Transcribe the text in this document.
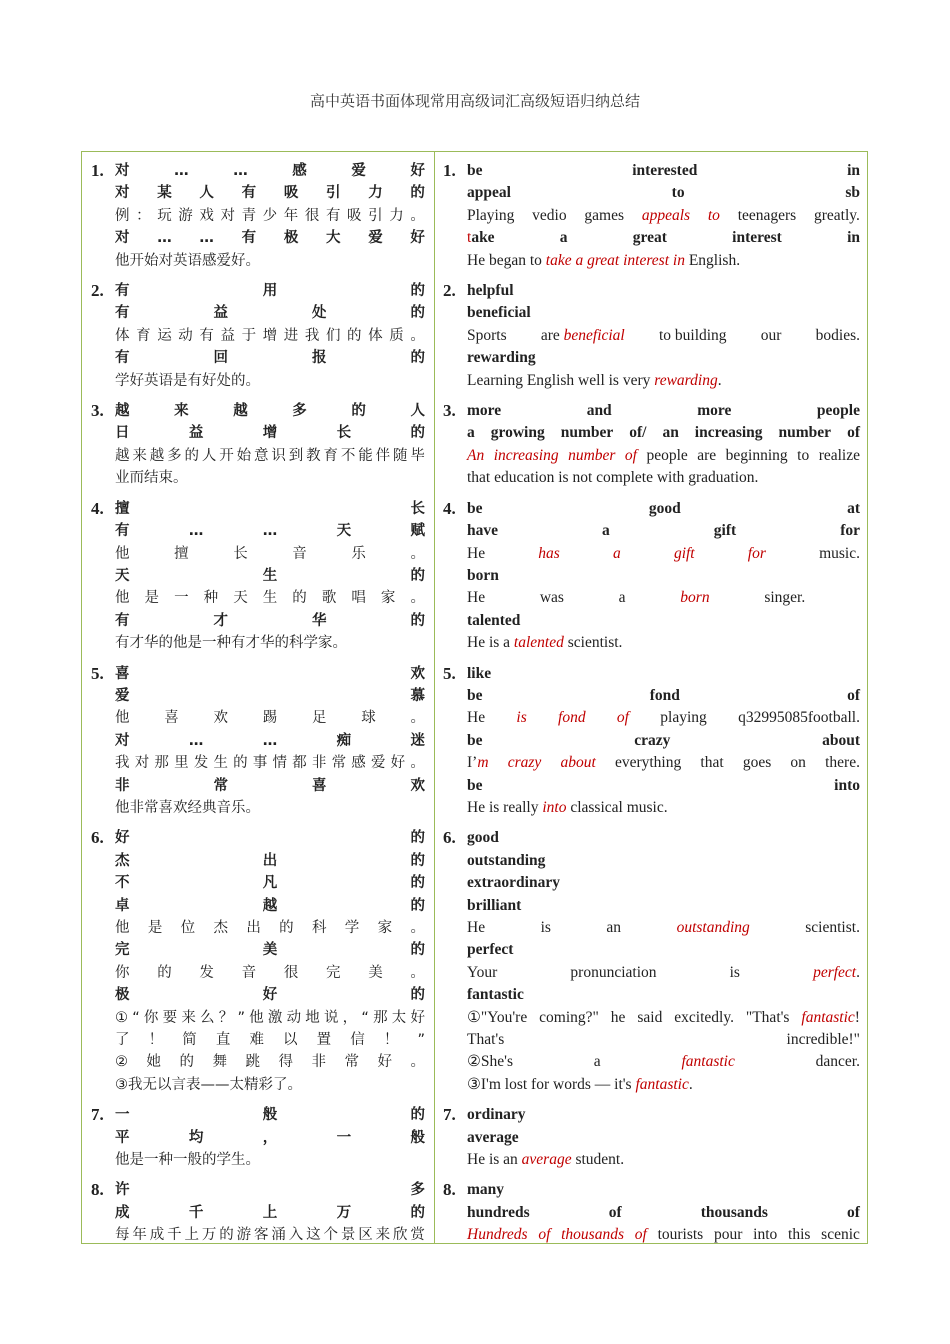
高中英语书面体现常用高级词汇高级短语归纳总结
1. 对	…	…	感	爱	好
对 某 人 有 吸 引 力 的
例 ： 玩 游 戏 对 青 少 年 很 有 吸 引 力 。
对 … … 有 极 大 爱 好
他开始对英语感爱好。
2. 有	用	的
有	益	处	的
体 育 运 动 有 益 于 增 进 我 们 的 体 质 。
有	回	报	的
学好英语是有好处的。
3. 越	来	越	多	的	人
日	益	增	长	的
越 来 越 多 的 人 开 始 意 识 到 教 育 不 能 伴 随 毕
业而结束。
4. 擅	长
有	…	…	天	赋
他	擅	长	音	乐	。
天	生	的
他 是 一 种 天 生 的 歌 唱 家 。
有	才	华	的
有才华的他是一种有才华的科学家。
5. 喜	欢
爱	慕
他 喜 欢 踢 足 球 。
对	…	…	痴	迷
我 对 那 里 发 生 的 事 情 都 非 常 感 爱 好 。
非	常	喜	欢
他非常喜欢经典音乐。
6. 好	的
杰	出	的
不	凡	的
卓	越	的
他 是 位 杰 出 的 科 学 家 。
完	美	的
你 的 发 音 很 完 美 。
极	好	的
① “ 你 要 来 么 ？ ” 他 激 动 地 说 ， “ 那 太 好
了 ！ 简 直 难 以 置 信 ！ ”
② 她 的 舞 跳 得 非 常 好 。
③我无以言表——太精彩了。
7. 一	般	的
平	均	，	一	般
他是一种一般的学生。
8. 许	多
成	千	上	万	的
每 年 成 千 上 万 的 游 客 涌 入 这 个 景 区 来 欣 赏
1. be	interested	in
appeal	to	sb
Playing vedio games appeals to teenagers greatly.
take	a	great	interest	in
He began to take a great interest in English.
2. helpful
beneficial
Sports are beneficial to building our bodies.
rewarding
Learning English well is very rewarding.
3. more	and	more	people
a growing number of/ an increasing number of
An increasing number of people are beginning to realize
that education is not complete with graduation.
4. be	good	at
have	a	gift	for
He	has	a	gift	for	music.
born
He	was	a	born	singer.
talented
He is a talented scientist.
5. like
be	fond	of
He is fond of playing q32995085football.
be	crazy	about
I’m crazy about everything that goes on there.
be	into
He is really into classical music.
6. good
outstanding
extraordinary
brilliant
He	is	an	outstanding	scientist.
perfect
Your	pronunciation	is	perfect.
fantastic
①"You're coming?" he said excitedly. "That's fantastic!
That's	incredible!"
②She's	a	fantastic	dancer.
③I'm lost for words — it's fantastic.
7. ordinary
average
He is an average student.
8. many
hundreds	of	thousands	of
Hundreds of thousands of tourists pour into this scenic
